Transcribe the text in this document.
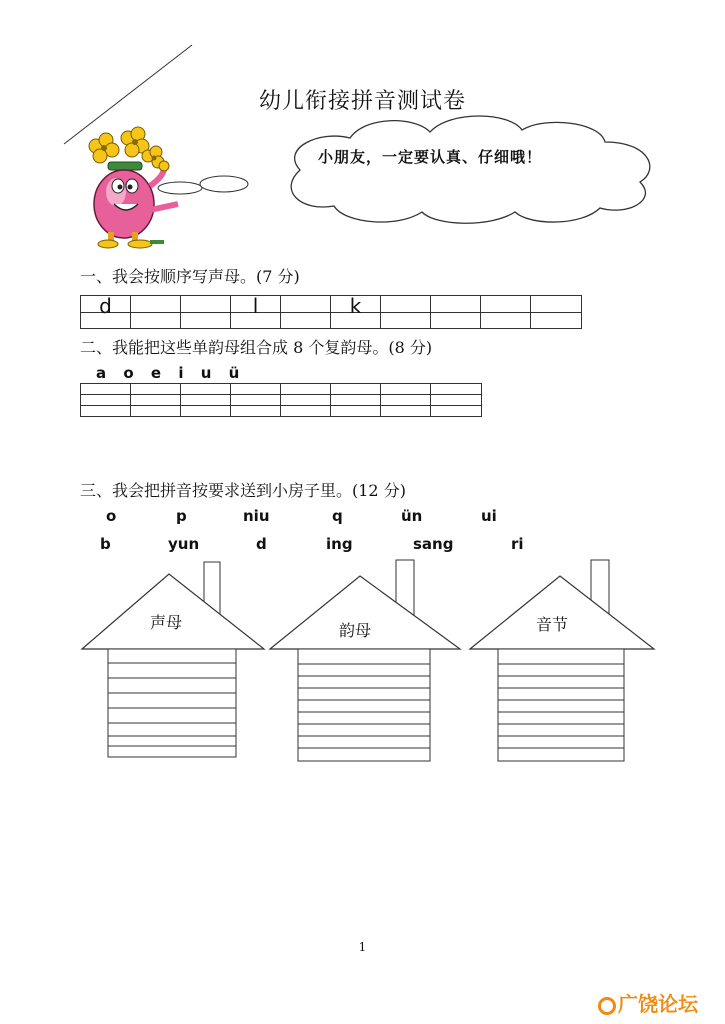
幼儿衔接拼音测试卷
小朋友，一定要认真、仔细哦！
一、我会按顺序写声母。(7 分)
d	l	k
二、我能把这些单韵母组合成 8 个复韵母。(8 分)
a o e i u ü
三、我会把拼音按要求送到小房子里。(12 分)
o	p	niu	q	ün	ui
b	yun	d	ing	sang	ri
声母	韵母	音节
1
广饶论坛
